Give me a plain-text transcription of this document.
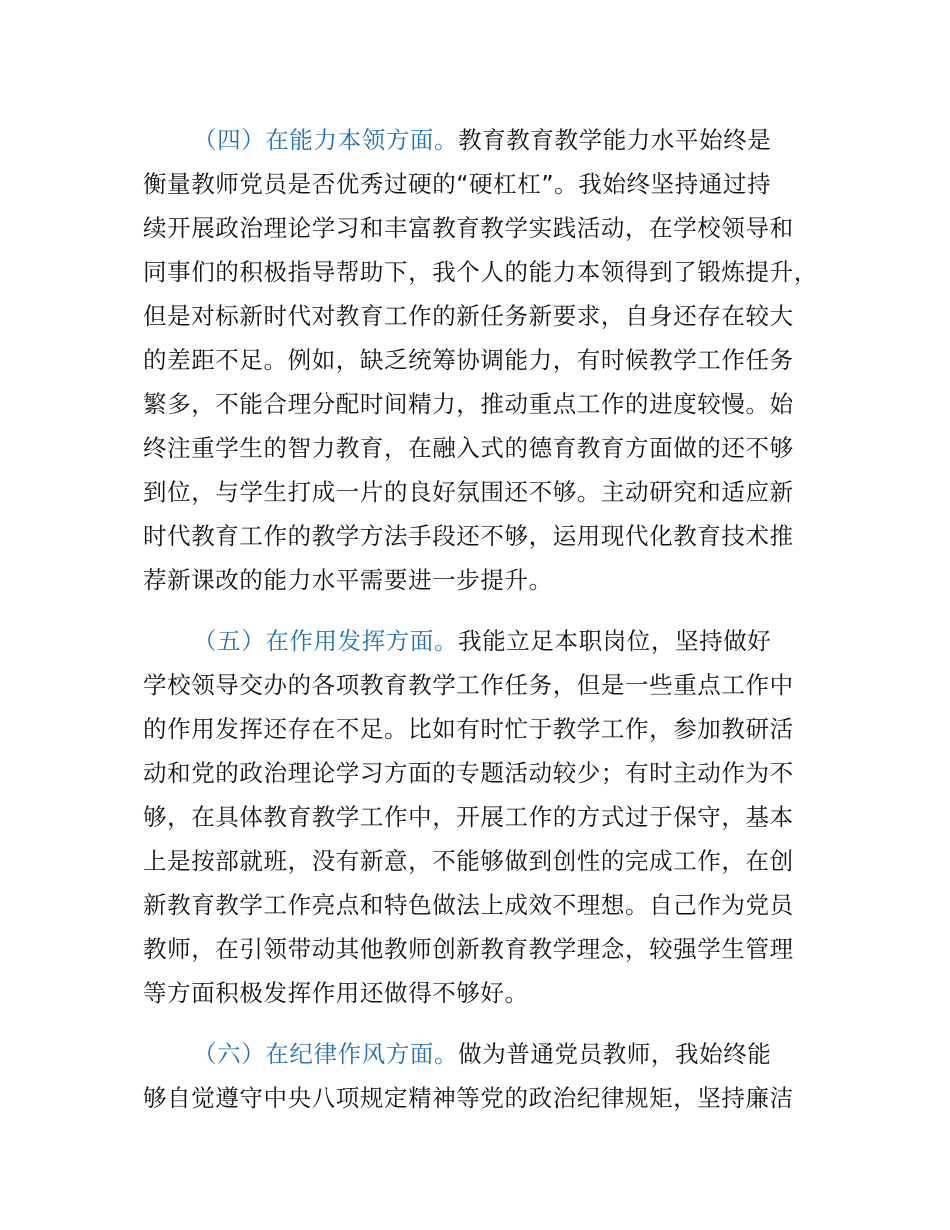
（四）在能力本领方面。教育教育教学能力水平始终是
衡量教师党员是否优秀过硬的“硬杠杠”。我始终坚持通过持
续开展政治理论学习和丰富教育教学实践活动，在学校领导和
同事们的积极指导帮助下，我个人的能力本领得到了锻炼提升，
但是对标新时代对教育工作的新任务新要求，自身还存在较大
的差距不足。例如，缺乏统筹协调能力，有时候教学工作任务
繁多，不能合理分配时间精力，推动重点工作的进度较慢。始
终注重学生的智力教育，在融入式的德育教育方面做的还不够
到位，与学生打成一片的良好氛围还不够。主动研究和适应新
时代教育工作的教学方法手段还不够，运用现代化教育技术推
荐新课改的能力水平需要进一步提升。
（五）在作用发挥方面。我能立足本职岗位，坚持做好
学校领导交办的各项教育教学工作任务，但是一些重点工作中
的作用发挥还存在不足。比如有时忙于教学工作，参加教研活
动和党的政治理论学习方面的专题活动较少；有时主动作为不
够，在具体教育教学工作中，开展工作的方式过于保守，基本
上是按部就班，没有新意，不能够做到创性的完成工作，在创
新教育教学工作亮点和特色做法上成效不理想。自己作为党员
教师，在引领带动其他教师创新教育教学理念，较强学生管理
等方面积极发挥作用还做得不够好。
（六）在纪律作风方面。做为普通党员教师，我始终能
够自觉遵守中央八项规定精神等党的政治纪律规矩，坚持廉洁
